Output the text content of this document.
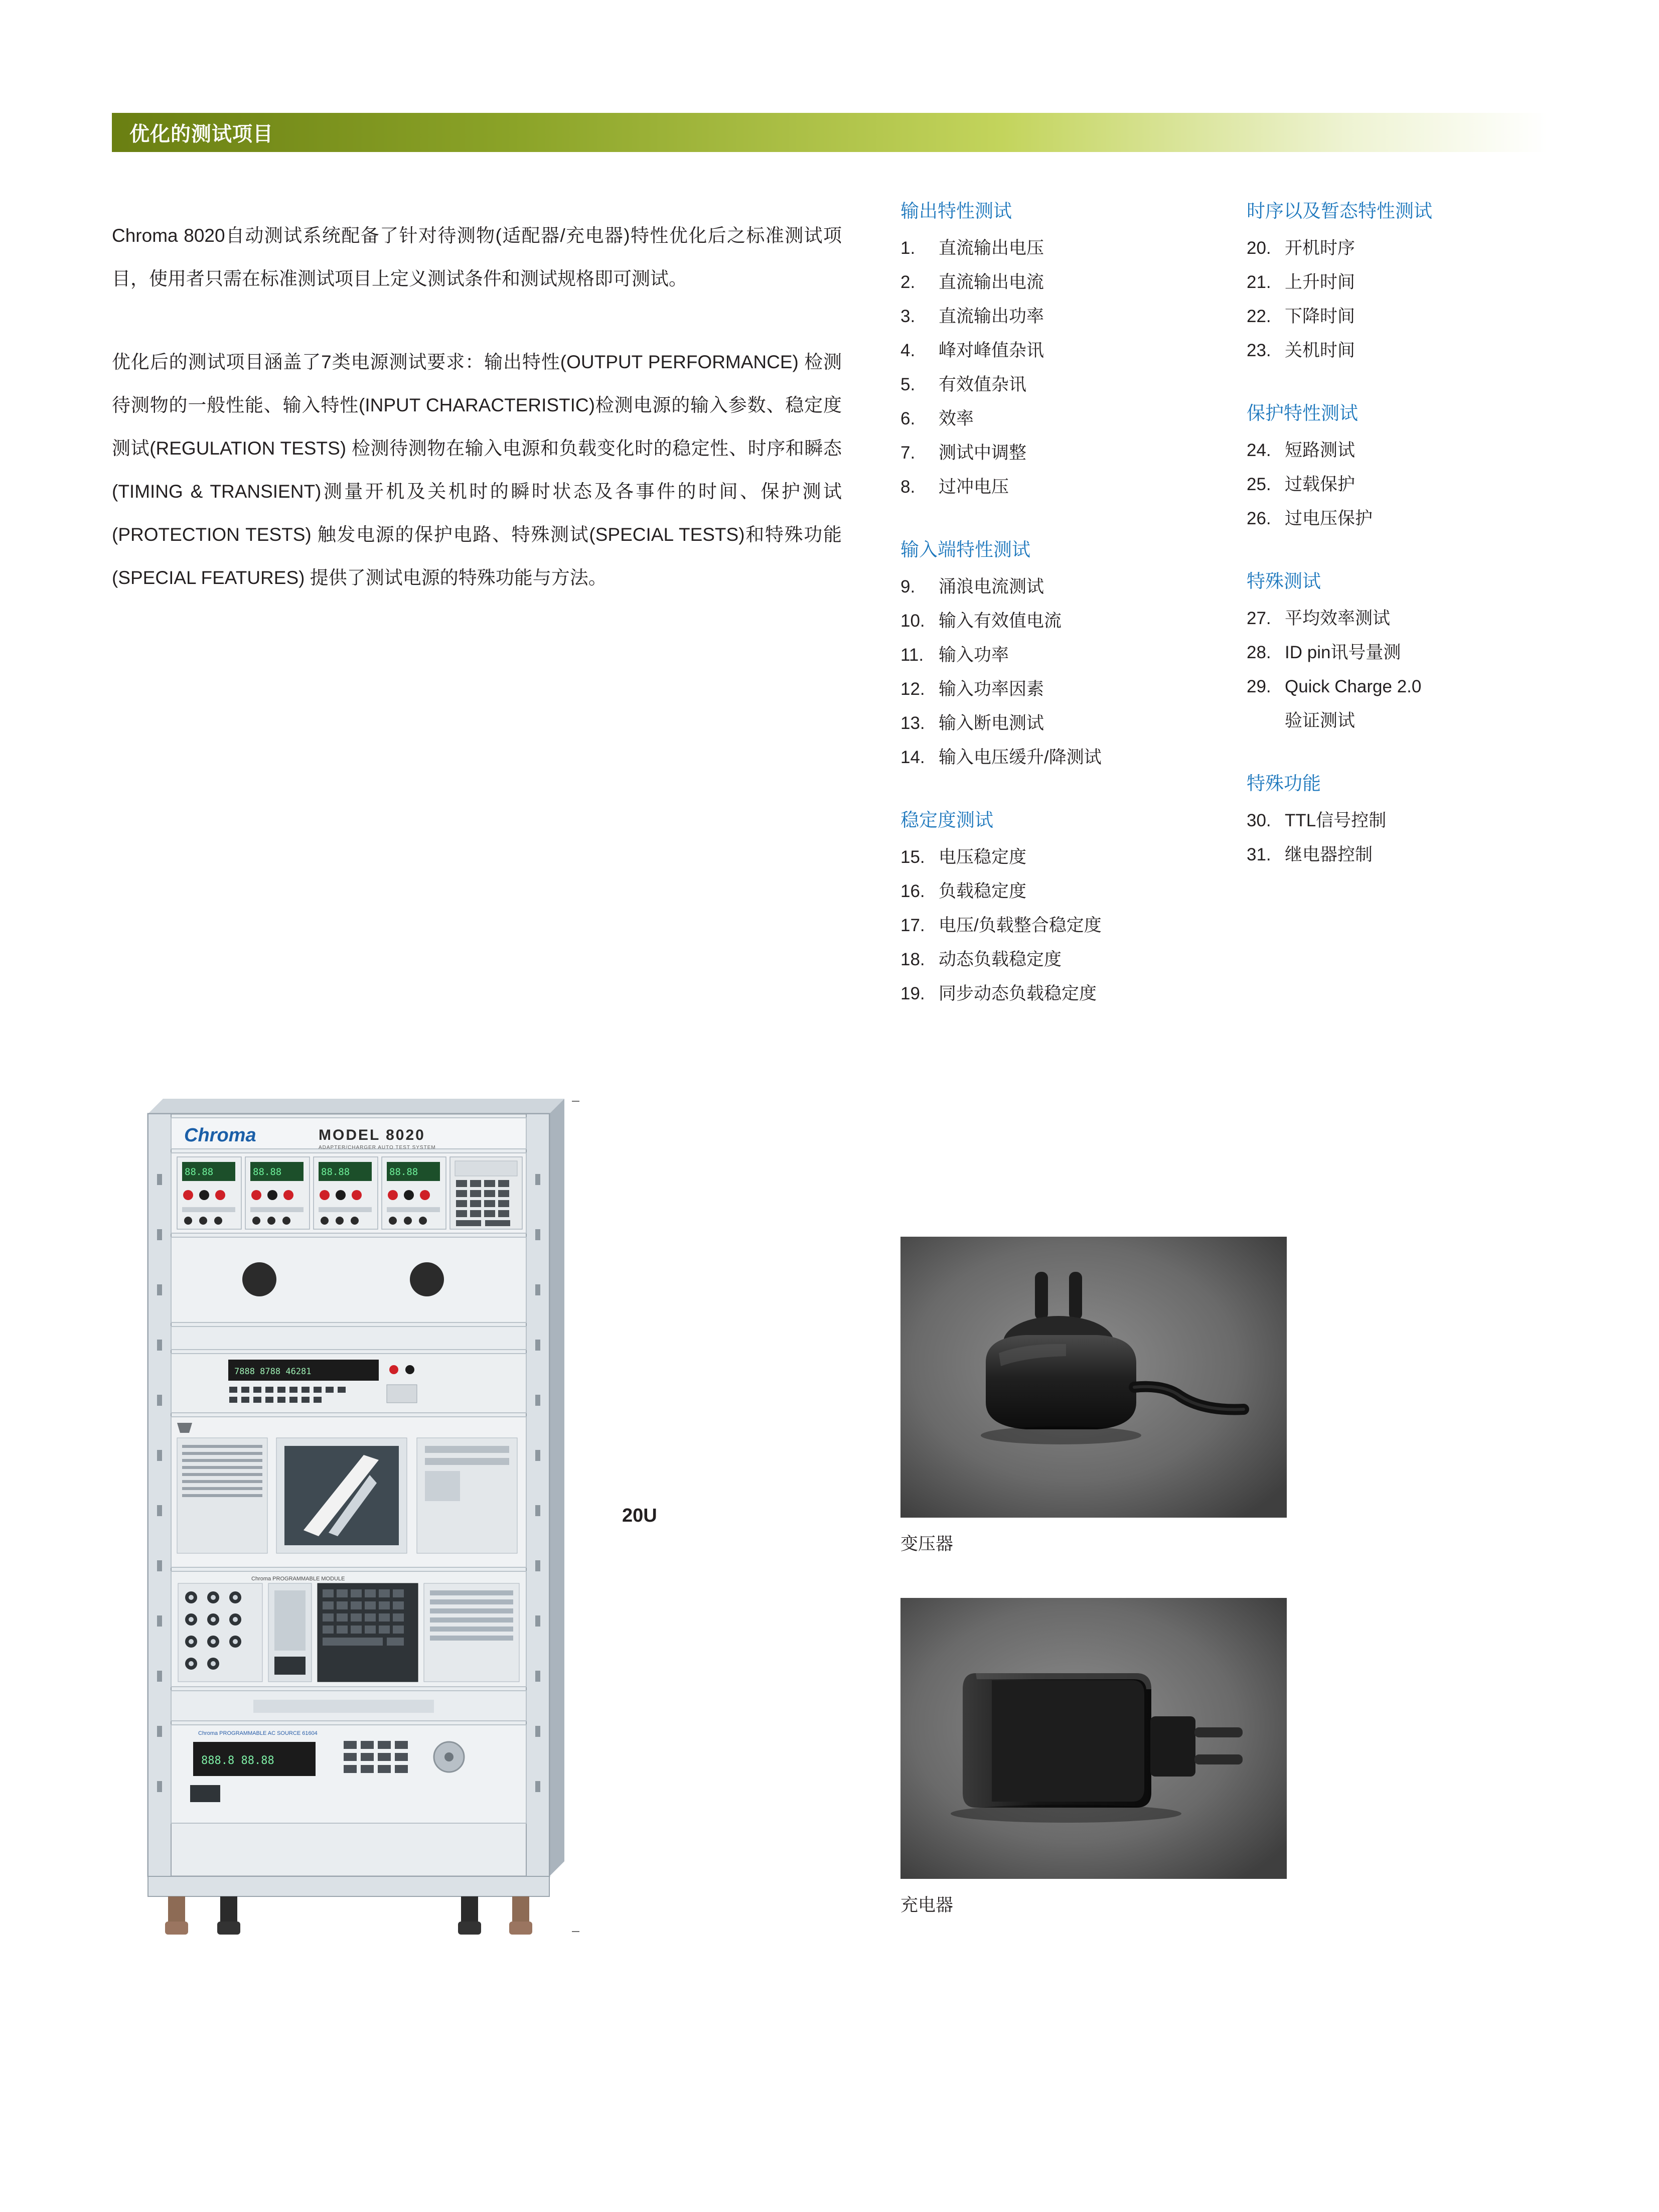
优化的测试项目

Chroma 8020自动测试系统配备了针对待测物(适配器/充电器)特性优化后之标准测试项目，使用者只需在标准测试项目上定义测试条件和测试规格即可测试。

优化后的测试项目涵盖了7类电源测试要求：输出特性(OUTPUT PERFORMANCE) 检测待测物的一般性能、输入特性(INPUT CHARACTERISTIC)检测电源的输入参数、稳定度测试(REGULATION TESTS) 检测待测物在输入电源和负载变化时的稳定性、时序和瞬态(TIMING & TRANSIENT)测量开机及关机时的瞬时状态及各事件的时间、保护测试(PROTECTION TESTS) 触发电源的保护电路、特殊测试(SPECIAL TESTS)和特殊功能(SPECIAL FEATURES) 提供了测试电源的特殊功能与方法。

输出特性测试
1.	直流输出电压
2.	直流输出电流
3.	直流输出功率
4.	峰对峰值杂讯
5.	有效值杂讯
6.	效率
7.	测试中调整
8.	过冲电压
输入端特性测试
9.	涌浪电流测试
10. 输入有效值电流
11. 输入功率
12. 输入功率因素
13. 输入断电测试
14. 输入电压缓升/降测试
稳定度测试
15. 电压稳定度
16. 负载稳定度
17. 电压/负载整合稳定度
18. 动态负载稳定度
19. 同步动态负载稳定度
时序以及暂态特性测试
20. 开机时序
21. 上升时间
22. 下降时间
23. 关机时间
保护特性测试
24. 短路测试
25. 过载保护
26. 过电压保护
特殊测试
27. 平均效率测试
28. ID pin讯号量测
29. Quick Charge 2.0
验证测试
特殊功能
30. TTL信号控制
31. 继电器控制
Chroma	MODEL 8020
ADAPTER/CHARGER AUTO TEST SYSTEM
88.88	88.88	88.88	88.88
7888 8788 46281
Chroma PROGRAMMABLE MODULE
Chroma PROGRAMMABLE AC SOURCE 61604
888.8 88.88
20U
变压器
充电器
